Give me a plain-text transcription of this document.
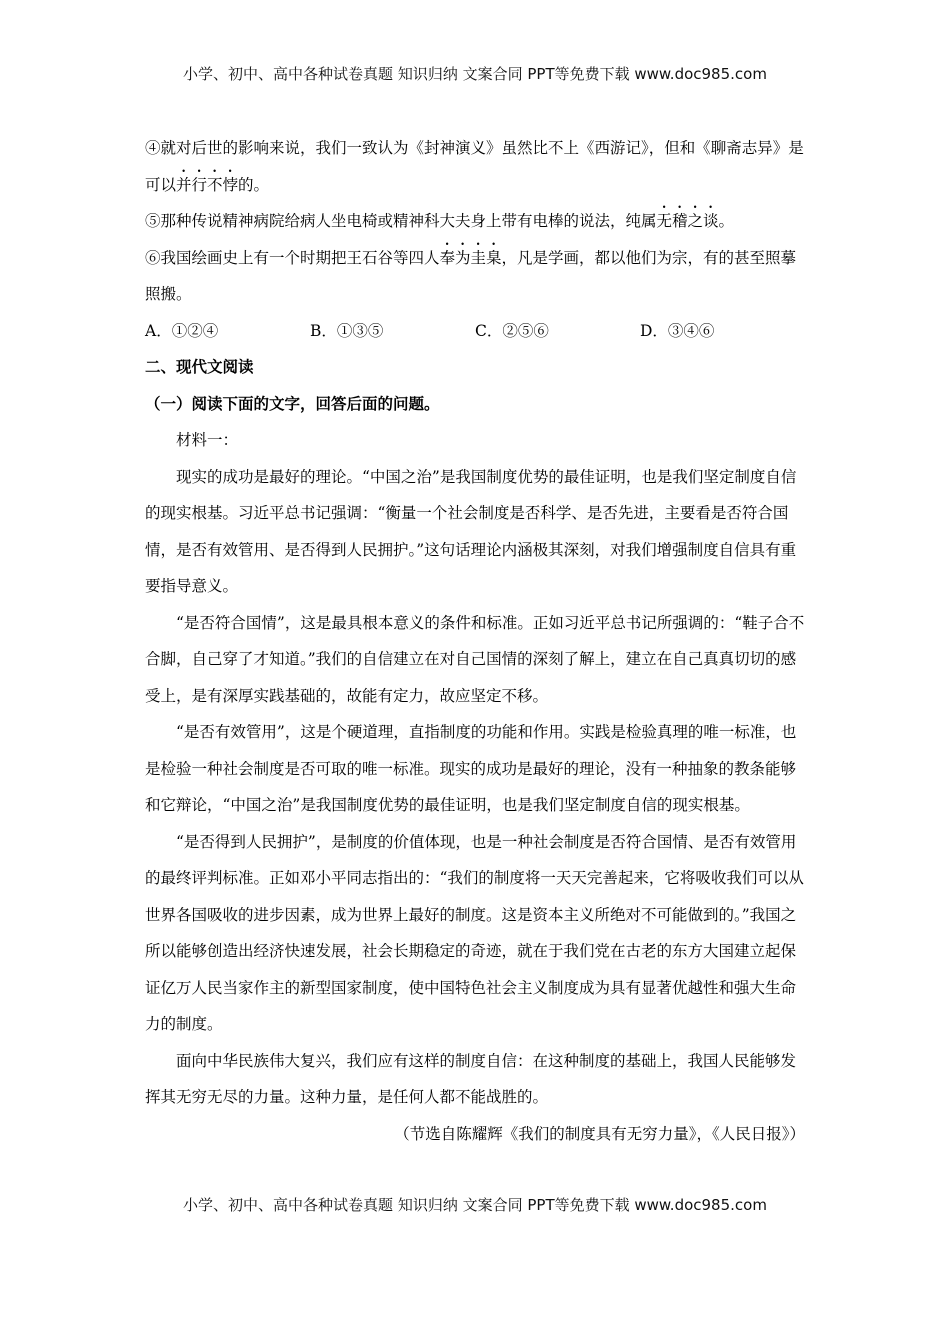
小学、初中、高中各种试卷真题 知识归纳 文案合同 PPT等免费下载 www.doc985.com

④就对后世的影响来说，我们一致认为《封神演义》虽然比不上《西游记》，但和《聊斋志异》是可以并行不悖的。

⑤那种传说精神病院给病人坐电椅或精神科大夫身上带有电棒的说法，纯属无稽之谈。

⑥我国绘画史上有一个时期把王石谷等四人奉为圭臬，凡是学画，都以他们为宗，有的甚至照摹照搬。

A．①②④	B．①③⑤	C．②⑤⑥	D．③④⑥

二、现代文阅读

（一）阅读下面的文字，回答后面的问题。

材料一：

现实的成功是最好的理论。“中国之治”是我国制度优势的最佳证明，也是我们坚定制度自信的现实根基。习近平总书记强调：“衡量一个社会制度是否科学、是否先进，主要看是否符合国情，是否有效管用、是否得到人民拥护。”这句话理论内涵极其深刻，对我们增强制度自信具有重要指导意义。

“是否符合国情”，这是最具根本意义的条件和标准。正如习近平总书记所强调的：“鞋子合不合脚，自己穿了才知道。”我们的自信建立在对自己国情的深刻了解上，建立在自己真真切切的感受上，是有深厚实践基础的，故能有定力，故应坚定不移。

“是否有效管用”，这是个硬道理，直指制度的功能和作用。实践是检验真理的唯一标准，也是检验一种社会制度是否可取的唯一标准。现实的成功是最好的理论，没有一种抽象的教条能够和它辩论，“中国之治”是我国制度优势的最佳证明，也是我们坚定制度自信的现实根基。

“是否得到人民拥护”，是制度的价值体现，也是一种社会制度是否符合国情、是否有效管用的最终评判标准。正如邓小平同志指出的：“我们的制度将一天天完善起来，它将吸收我们可以从世界各国吸收的进步因素，成为世界上最好的制度。这是资本主义所绝对不可能做到的。”我国之所以能够创造出经济快速发展，社会长期稳定的奇迹，就在于我们党在古老的东方大国建立起保证亿万人民当家作主的新型国家制度，使中国特色社会主义制度成为具有显著优越性和强大生命力的制度。

面向中华民族伟大复兴，我们应有这样的制度自信：在这种制度的基础上，我国人民能够发挥其无穷无尽的力量。这种力量，是任何人都不能战胜的。

（节选自陈耀辉《我们的制度具有无穷力量》，《人民日报》）

小学、初中、高中各种试卷真题 知识归纳 文案合同 PPT等免费下载 www.doc985.com
